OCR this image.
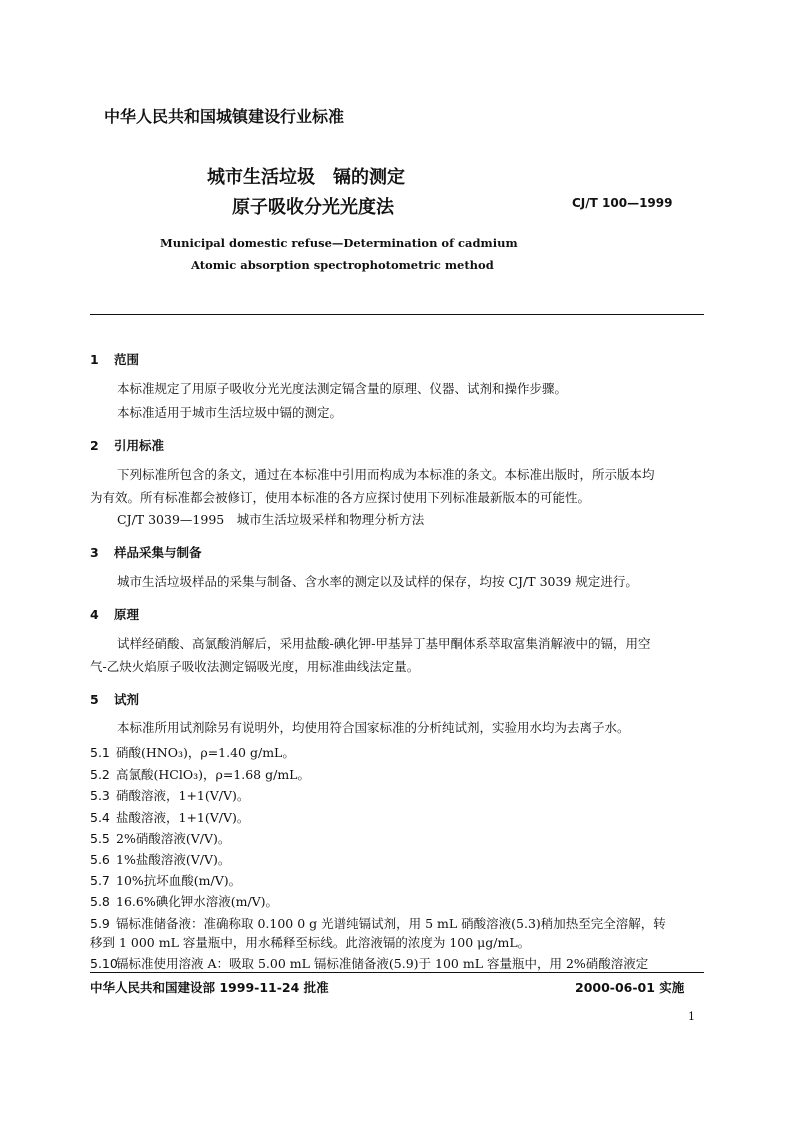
中华人民共和国城镇建设行业标准
城市生活垃圾　镉的测定
原子吸收分光光度法	CJ/T 100—1999
Municipal domestic refuse—Determination of cadmium
Atomic absorption spectrophotometric method
1 范围
本标准规定了用原子吸收分光光度法测定镉含量的原理、仪器、试剂和操作步骤。
本标准适用于城市生活垃圾中镉的测定。
2 引用标准
下列标准所包含的条文，通过在本标准中引用而构成为本标准的条文。本标准出版时，所示版本均
为有效。所有标准都会被修订，使用本标准的各方应探讨使用下列标准最新版本的可能性。
CJ/T 3039—1995　城市生活垃圾采样和物理分析方法
3 样品采集与制备
城市生活垃圾样品的采集与制备、含水率的测定以及试样的保存，均按 CJ/T 3039 规定进行。
4 原理
试样经硝酸、高氯酸消解后，采用盐酸-碘化钾-甲基异丁基甲酮体系萃取富集消解液中的镉，用空
气-乙炔火焰原子吸收法测定镉吸光度，用标准曲线法定量。
5 试剂
本标准所用试剂除另有说明外，均使用符合国家标准的分析纯试剂，实验用水均为去离子水。
5.1 硝酸(HNO₃)，ρ=1.40 g/mL。
5.2 高氯酸(HClO₃)，ρ=1.68 g/mL。
5.3 硝酸溶液，1+1(V/V)。
5.4 盐酸溶液，1+1(V/V)。
5.5 2%硝酸溶液(V/V)。
5.6 1%盐酸溶液(V/V)。
5.7 10%抗坏血酸(m/V)。
5.8 16.6%碘化钾水溶液(m/V)。
5.9 镉标准储备液：准确称取 0.100 0 g 光谱纯镉试剂，用 5 mL 硝酸溶液(5.3)稍加热至完全溶解，转
移到 1 000 mL 容量瓶中，用水稀释至标线。此溶液镉的浓度为 100 μg/mL。
5.10镉标准使用溶液 A：吸取 5.00 mL 镉标准储备液(5.9)于 100 mL 容量瓶中，用 2%硝酸溶液定
中华人民共和国建设部 1999-11-24 批准	2000-06-01 实施
1
